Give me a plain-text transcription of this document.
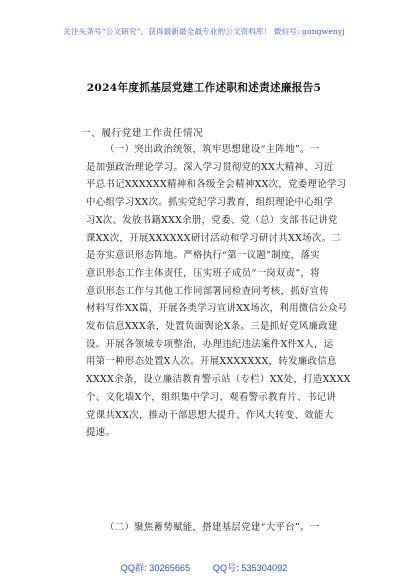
关注头条号“公文研究”，获得最新最全最专业的公文资料库！ 微信号: gongwenyj
2024年度抓基层党建工作述职和述责述廉报告5
一、履行党建工作责任情况
（一）突出政治统领，筑牢思想建设“主阵地”。一
是加强政治理论学习。深入学习贯彻党的XX大精神、习近
平总书记XXXXXX精神和各级全会精神XX次，党委理论学习
中心组学习XX次。抓实党纪学习教育，组织理论中心组学
习X次、发放书籍XXX余册，党委、党（总）支部书记讲党
课XX次，开展XXXXXX研讨活动和学习研讨共XX场次。二
是夯实意识形态阵地。严格执行“第一议题”制度，落实
意识形态工作主体责任，压实班子成员“一岗双责”，将
意识形态工作与其他工作同部署同检查同考核，抓好宣传
材料写作XX篇，开展各类学习宣讲XX场次，利用微信公众号
发布信息XXX条，处置负面舆论X条。三是抓好党风廉政建
设。开展各领域专项整治，办理违纪违法案件X件X人，运
用第一种形态处置X人次。开展XXXXXXX，转发廉政信息
XXXX余条，设立廉洁教育警示站（专栏）XX处，打造XXXX
个、文化墙X个，组织集中学习、观看警示教育片、书记讲
党课共XX次，推动干部思想大提升、作风大转变、效能大
提速。
（二）聚焦蓄势赋能，搭建基层党建“大平台”。一
QQ群: 30265665 QQ号: 535304092
